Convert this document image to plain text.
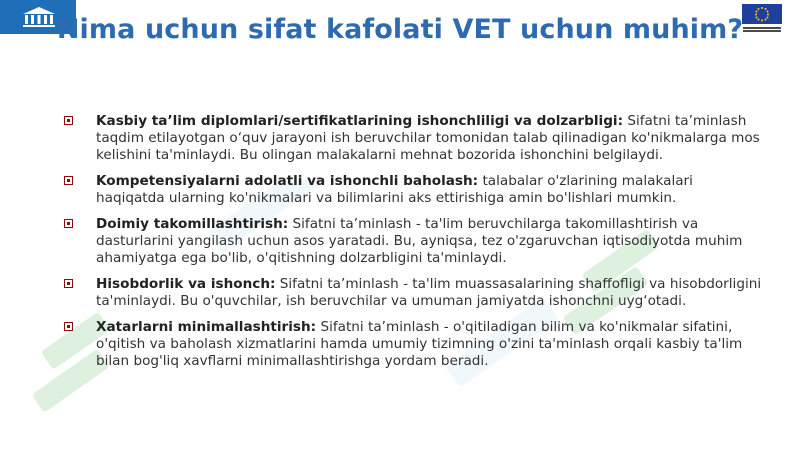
Nima uchun sifat kafolati VET uchun muhim?
Kasbiy ta’lim diplomlari/sertifikatlarining ishonchliligi va dolzarbligi: Sifatni ta’minlash taqdim etilayotgan o‘quv jarayoni ish beruvchilar tomonidan talab qilinadigan ko'nikmalarga mos kelishini ta'minlaydi. Bu olingan malakalarni mehnat bozorida ishonchini belgilaydi.
Kompetensiyalarni adolatli va ishonchli baholash: talabalar o'zlarining malakalari haqiqatda ularning ko'nikmalari va bilimlarini aks ettirishiga amin bo'lishlari mumkin.
Doimiy takomillashtirish: Sifatni ta’minlash - ta'lim beruvchilarga takomillashtirish va dasturlarini yangilash uchun asos yaratadi. Bu, ayniqsa, tez o'zgaruvchan iqtisodiyotda muhim ahamiyatga ega bo'lib, o'qitishning dolzarbligini ta'minlaydi.
Hisobdorlik va ishonch: Sifatni ta’minlash - ta'lim muassasalarining shaffofligi va hisobdorligini ta'minlaydi. Bu o'quvchilar, ish beruvchilar va umuman jamiyatda ishonchni uyg‘otadi.
Xatarlarni minimallashtirish: Sifatni ta’minlash - o'qitiladigan bilim va ko'nikmalar sifatini, o'qitish va baholash xizmatlarini hamda umumiy tizimning o'zini ta'minlash orqali kasbiy ta'lim bilan bog'liq xavflarni minimallashtirishga yordam beradi.
